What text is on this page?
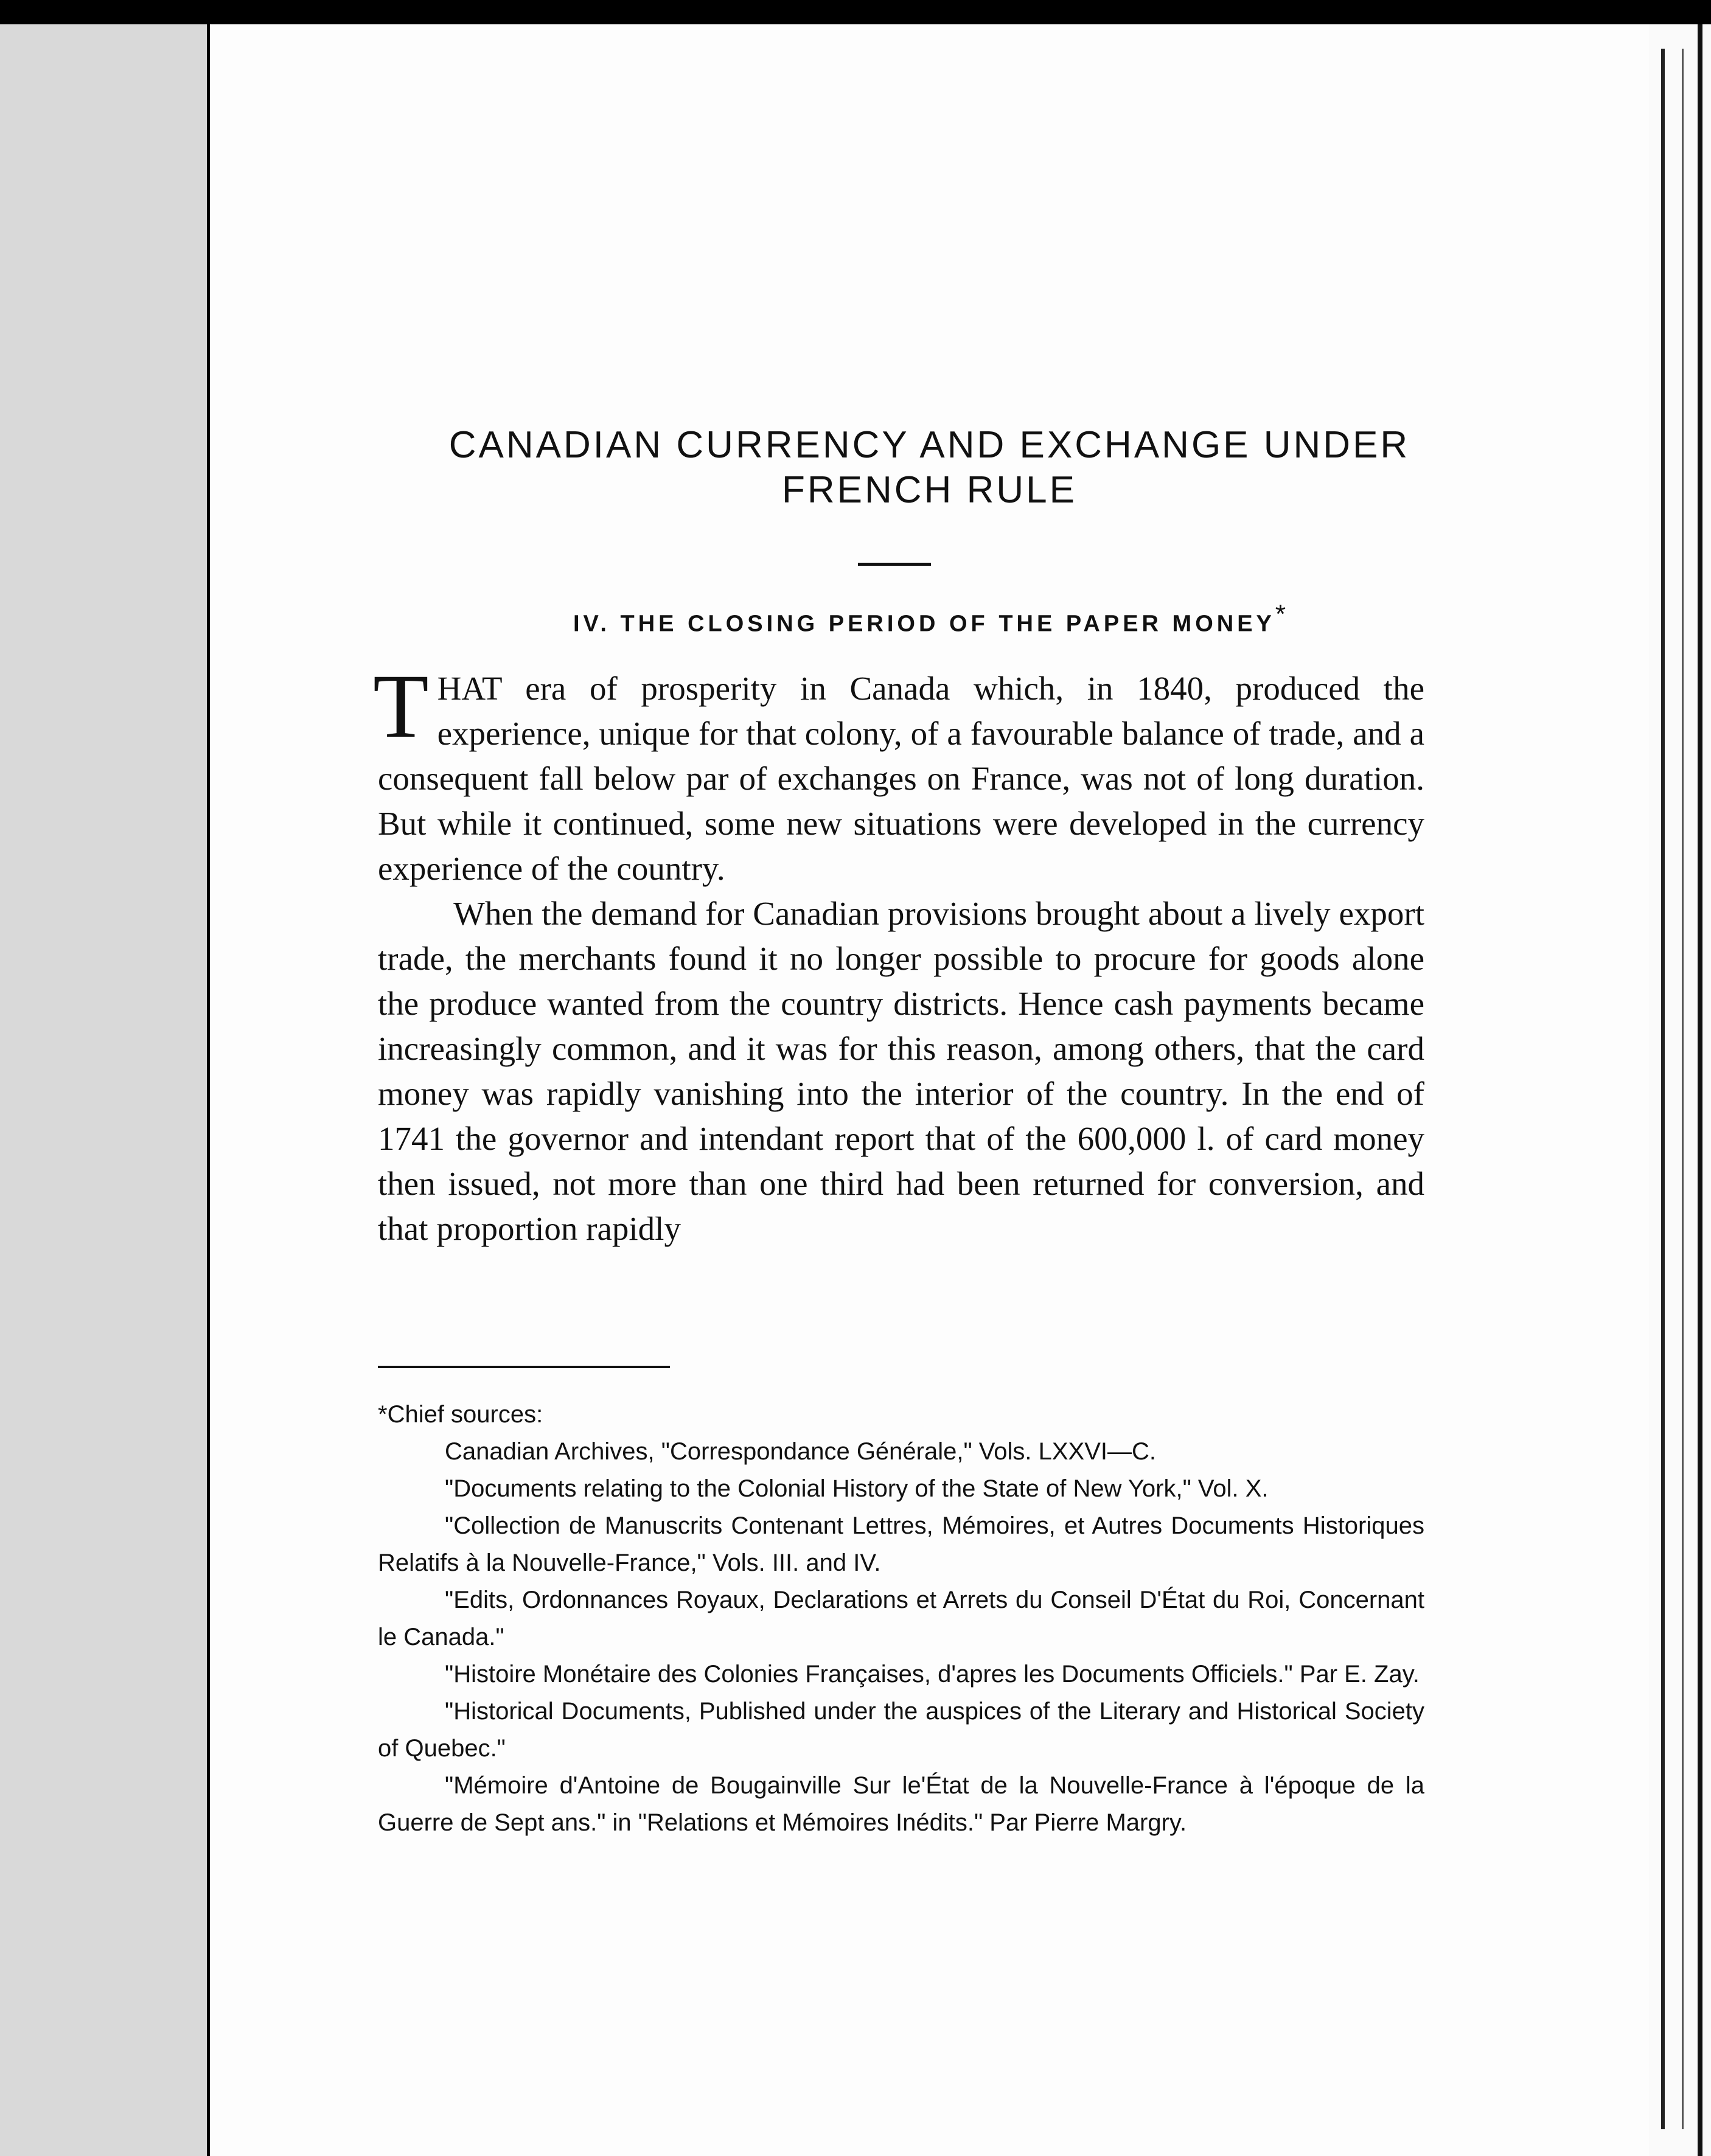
CANADIAN CURRENCY AND EXCHANGE UNDER
FRENCH RULE
IV. THE CLOSING PERIOD OF THE PAPER MONEY*

THAT era of prosperity in Canada which, in 1840, produced the experience, unique for that colony, of a favourable balance of trade, and a consequent fall below par of exchanges on France, was not of long duration. But while it continued, some new situations were developed in the currency experience of the country.

When the demand for Canadian provisions brought about a lively export trade, the merchants found it no longer possible to procure for goods alone the produce wanted from the country districts. Hence cash payments became increasingly common, and it was for this reason, among others, that the card money was rapidly vanishing into the interior of the country. In the end of 1741 the governor and intendant report that of the 600,000 l. of card money then issued, not more than one third had been returned for conversion, and that proportion rapidly

*Chief sources:

Canadian Archives, "Correspondance Générale," Vols. LXXVI—C.

"Documents relating to the Colonial History of the State of New York," Vol. X.

"Collection de Manuscrits Contenant Lettres, Mémoires, et Autres Documents Historiques Relatifs à la Nouvelle-France," Vols. III. and IV.

"Edits, Ordonnances Royaux, Declarations et Arrets du Conseil D'État du Roi, Concernant le Canada."

"Histoire Monétaire des Colonies Françaises, d'apres les Documents Officiels." Par E. Zay.

"Historical Documents, Published under the auspices of the Literary and Historical Society of Quebec."

"Mémoire d'Antoine de Bougainville Sur le'État de la Nouvelle-France à l'époque de la Guerre de Sept ans." in "Relations et Mémoires Inédits." Par Pierre Margry.
